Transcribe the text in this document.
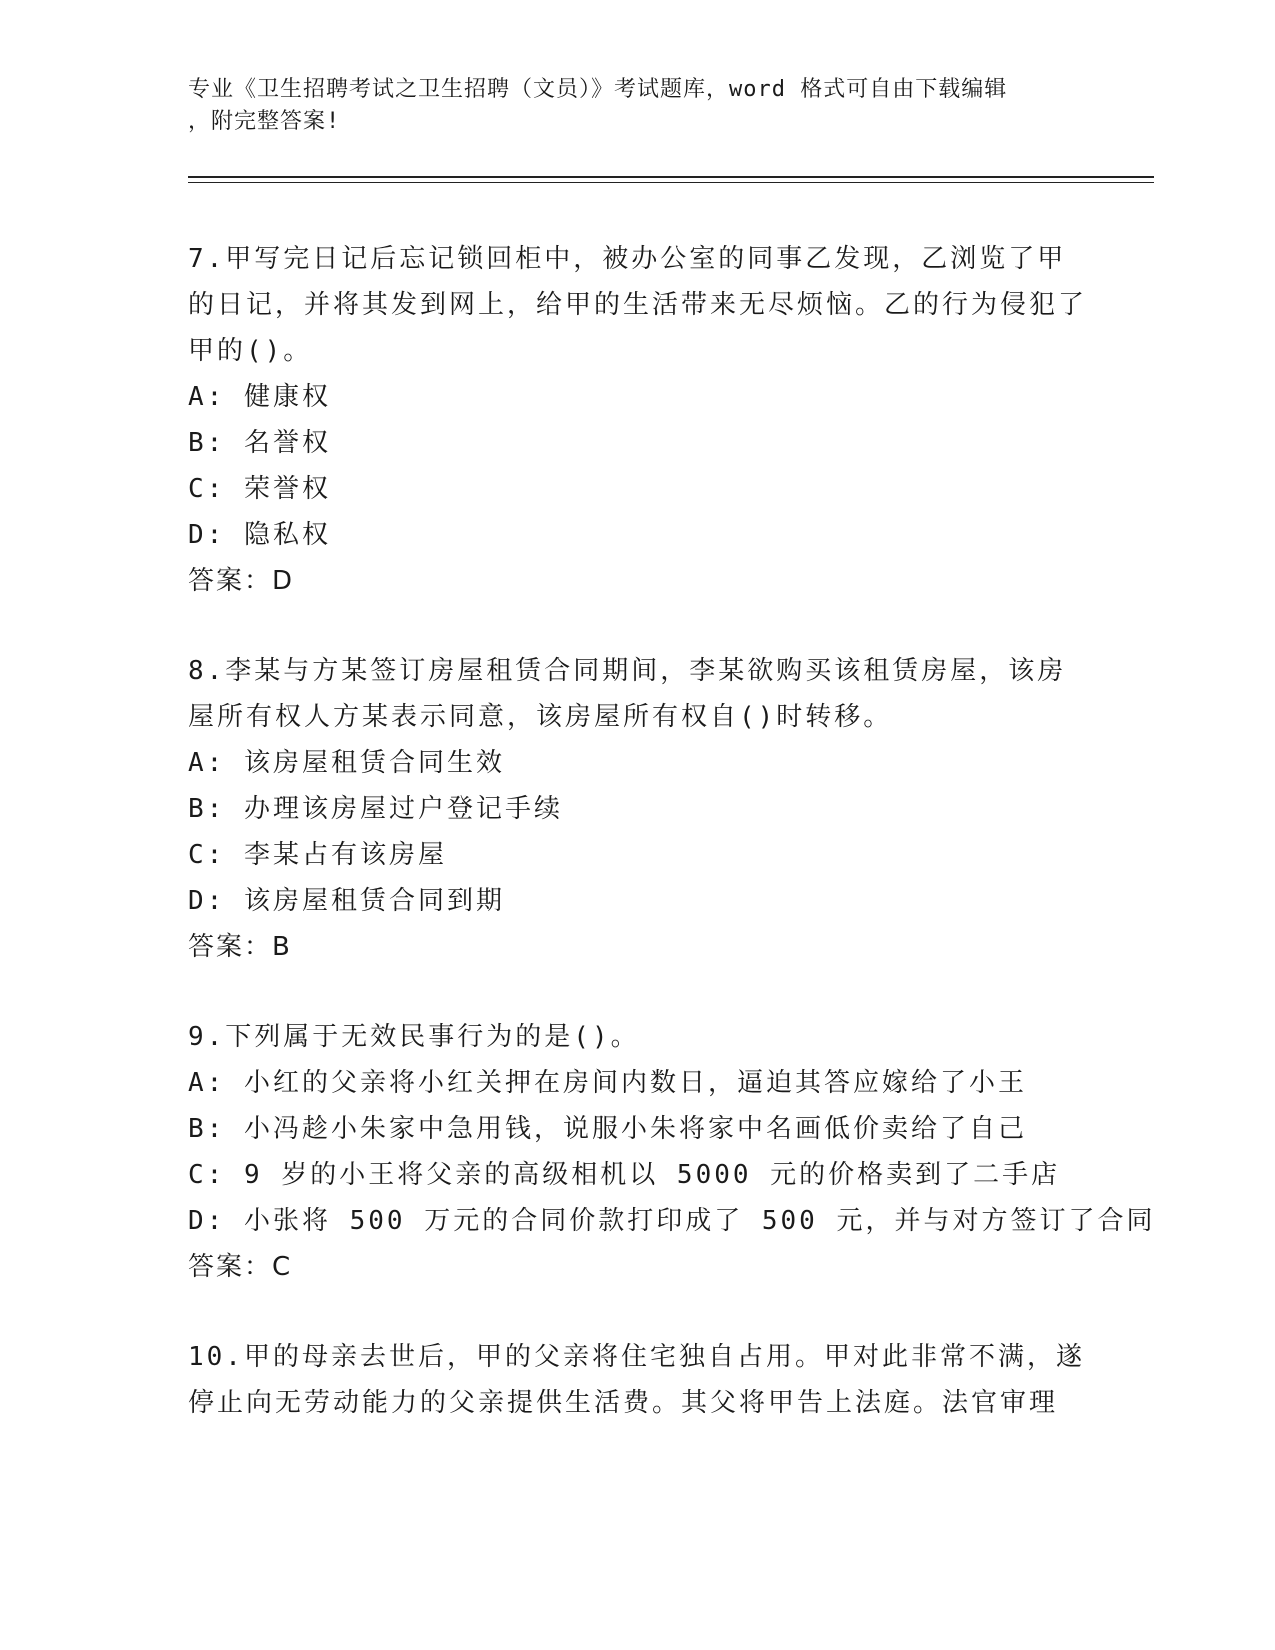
专业《卫生招聘考试之卫生招聘（文员）》考试题库，word 格式可自由下载编辑
，附完整答案!

7.甲写完日记后忘记锁回柜中，被办公室的同事乙发现，乙浏览了甲的日记，并将其发到网上，给甲的生活带来无尽烦恼。乙的行为侵犯了甲的()。

A: 健康权

B: 名誉权

C: 荣誉权

D: 隐私权

答案：D

8.李某与方某签订房屋租赁合同期间，李某欲购买该租赁房屋，该房屋所有权人方某表示同意，该房屋所有权自()时转移。

A: 该房屋租赁合同生效

B: 办理该房屋过户登记手续

C: 李某占有该房屋

D: 该房屋租赁合同到期

答案：B

9.下列属于无效民事行为的是()。

A: 小红的父亲将小红关押在房间内数日，逼迫其答应嫁给了小王

B: 小冯趁小朱家中急用钱，说服小朱将家中名画低价卖给了自己

C: 9 岁的小王将父亲的高级相机以 5000 元的价格卖到了二手店

D: 小张将 500 万元的合同价款打印成了 500 元，并与对方签订了合同

答案：C

10.甲的母亲去世后，甲的父亲将住宅独自占用。甲对此非常不满，遂停止向无劳动能力的父亲提供生活费。其父将甲告上法庭。法官审理
